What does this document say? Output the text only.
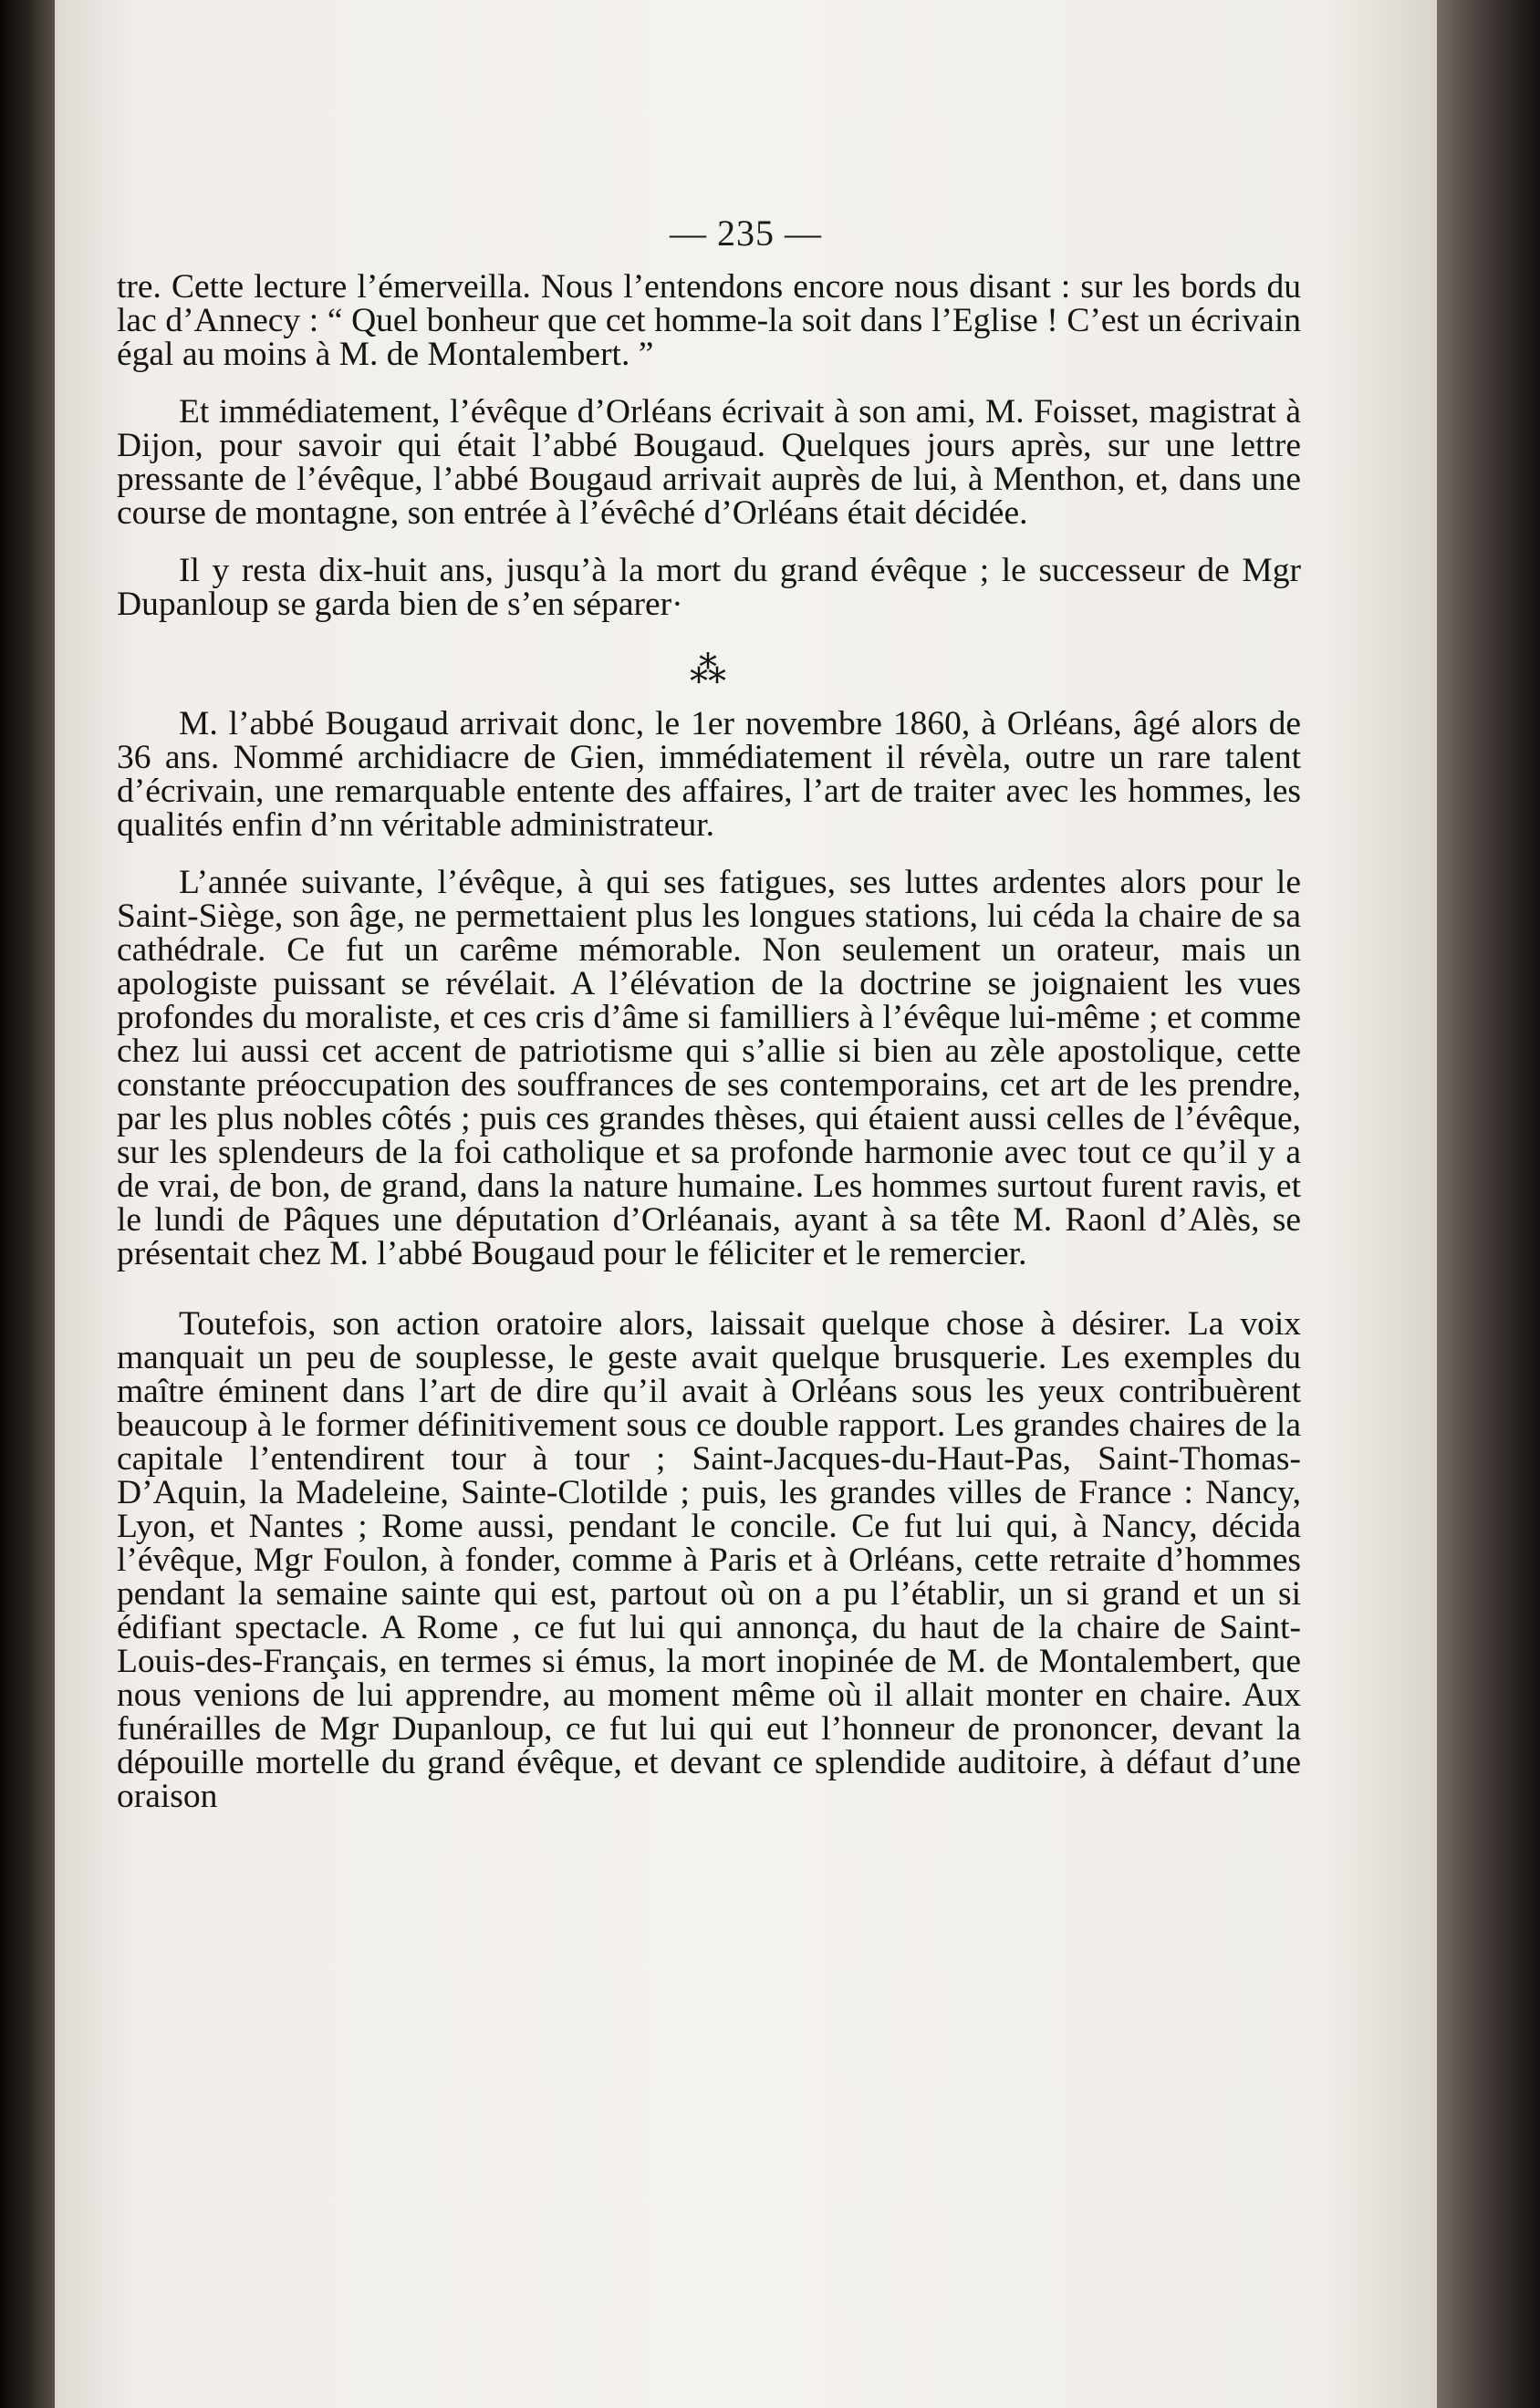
— 235 —

tre. Cette lecture l’émerveilla. Nous l’entendons encore nous disant : sur les bords du lac d’Annecy : “ Quel bonheur que cet homme-la soit dans l’Eglise ! C’est un écrivain égal au moins à M. de Montalembert. ”

Et immédiatement, l’évêque d’Orléans écrivait à son ami, M. Foisset, magistrat à Dijon, pour savoir qui était l’abbé Bougaud. Quelques jours après, sur une lettre pressante de l’évêque, l’abbé Bougaud arrivait auprès de lui, à Menthon, et, dans une course de montagne, son entrée à l’évêché d’Orléans était décidée.

Il y resta dix-huit ans, jusqu’à la mort du grand évêque ; le successeur de Mgr Dupanloup se garda bien de s’en séparer·

⁂

M. l’abbé Bougaud arrivait donc, le 1er novembre 1860, à Orléans, âgé alors de 36 ans. Nommé archidiacre de Gien, immédiatement il révèla, outre un rare talent d’écrivain, une remarquable entente des affaires, l’art de traiter avec les hommes, les qualités enfin d’nn véritable administrateur.

L’année suivante, l’évêque, à qui ses fatigues, ses luttes ardentes alors pour le Saint-Siège, son âge, ne permettaient plus les longues stations, lui céda la chaire de sa cathédrale. Ce fut un carême mémorable. Non seulement un orateur, mais un apologiste puissant se révélait. A l’élévation de la doctrine se joignaient les vues profondes du moraliste, et ces cris d’âme si familliers à l’évêque lui-même ; et comme chez lui aussi cet accent de patriotisme qui s’allie si bien au zèle apostolique, cette constante préoccupation des souffrances de ses contemporains, cet art de les prendre, par les plus nobles côtés ; puis ces grandes thèses, qui étaient aussi celles de l’évêque, sur les splendeurs de la foi catholique et sa profonde harmonie avec tout ce qu’il y a de vrai, de bon, de grand, dans la nature humaine. Les hommes surtout furent ravis, et le lundi de Pâques une députation d’Orléanais, ayant à sa tête M. Raonl d’Alès, se présentait chez M. l’abbé Bougaud pour le féliciter et le remercier.

Toutefois, son action oratoire alors, laissait quelque chose à désirer. La voix manquait un peu de souplesse, le geste avait quelque brusquerie. Les exemples du maître éminent dans l’art de dire qu’il avait à Orléans sous les yeux contribuèrent beaucoup à le former définitivement sous ce double rapport. Les grandes chaires de la capitale l’entendirent tour à tour ; Saint-Jacques-du-Haut-Pas, Saint-Thomas-D’Aquin, la Madeleine, Sainte-Clotilde ; puis, les grandes villes de France : Nancy, Lyon, et Nantes ; Rome aussi, pendant le concile. Ce fut lui qui, à Nancy, décida l’évêque, Mgr Foulon, à fonder, comme à Paris et à Orléans, cette retraite d’hommes pendant la semaine sainte qui est, partout où on a pu l’établir, un si grand et un si édifiant spectacle. A Rome , ce fut lui qui annonça, du haut de la chaire de Saint-Louis-des-Français, en termes si émus, la mort inopinée de M. de Montalembert, que nous venions de lui apprendre, au moment même où il allait monter en chaire. Aux funérailles de Mgr Dupanloup, ce fut lui qui eut l’honneur de prononcer, devant la dépouille mortelle du grand évêque, et devant ce splendide auditoire, à défaut d’une oraison
